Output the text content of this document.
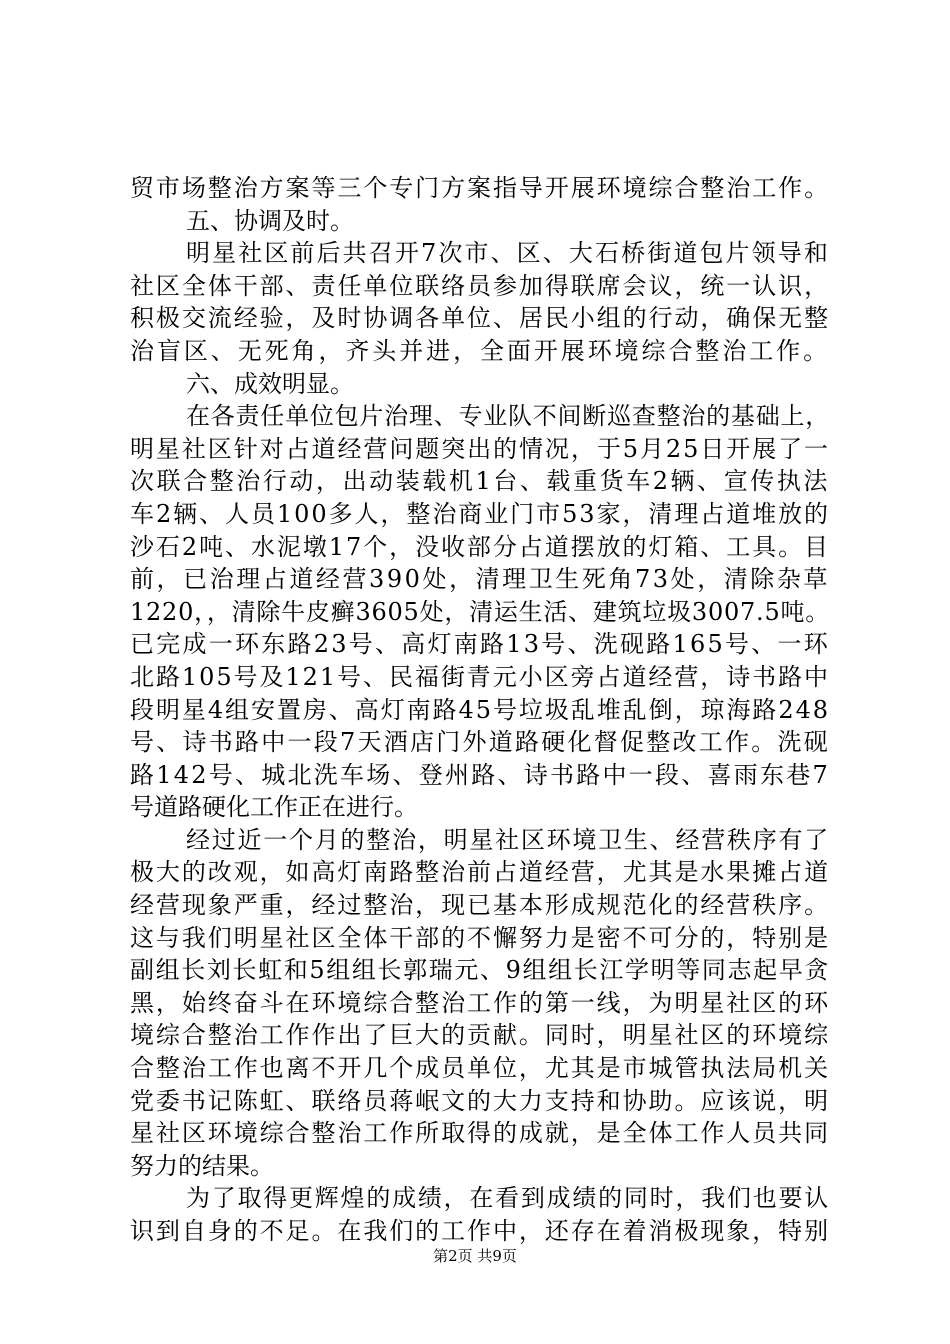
贸市场整治方案等三个专门方案指导开展环境综合整治工作。
五、协调及时。
明星社区前后共召开7次市、区、大石桥街道包片领导和
社区全体干部、责任单位联络员参加得联席会议，统一认识，
积极交流经验，及时协调各单位、居民小组的行动，确保无整
治盲区、无死角，齐头并进，全面开展环境综合整治工作。
六、成效明显。
在各责任单位包片治理、专业队不间断巡查整治的基础上，
明星社区针对占道经营问题突出的情况，于5月25日开展了一
次联合整治行动，出动装载机1台、载重货车2辆、宣传执法
车2辆、人员100多人，整治商业门市53家，清理占道堆放的
沙石2吨、水泥墩17个，没收部分占道摆放的灯箱、工具。目
前，已治理占道经营390处，清理卫生死角73处，清除杂草
1220，，清除牛皮癣3605处，清运生活、建筑垃圾3007.5吨。
已完成一环东路23号、高灯南路13号、洗砚路165号、一环
北路105号及121号、民福街青元小区旁占道经营，诗书路中
段明星4组安置房、高灯南路45号垃圾乱堆乱倒，琼海路248
号、诗书路中一段7天酒店门外道路硬化督促整改工作。洗砚
路142号、城北洗车场、登州路、诗书路中一段、喜雨东巷7
号道路硬化工作正在进行。
经过近一个月的整治，明星社区环境卫生、经营秩序有了
极大的改观，如高灯南路整治前占道经营，尤其是水果摊占道
经营现象严重，经过整治，现已基本形成规范化的经营秩序。
这与我们明星社区全体干部的不懈努力是密不可分的，特别是
副组长刘长虹和5组组长郭瑞元、9组组长江学明等同志起早贪
黑，始终奋斗在环境综合整治工作的第一线，为明星社区的环
境综合整治工作作出了巨大的贡献。同时，明星社区的环境综
合整治工作也离不开几个成员单位，尤其是市城管执法局机关
党委书记陈虹、联络员蒋岷文的大力支持和协助。应该说，明
星社区环境综合整治工作所取得的成就，是全体工作人员共同
努力的结果。
为了取得更辉煌的成绩，在看到成绩的同时，我们也要认
识到自身的不足。在我们的工作中，还存在着消极现象，特别
第2页 共9页
